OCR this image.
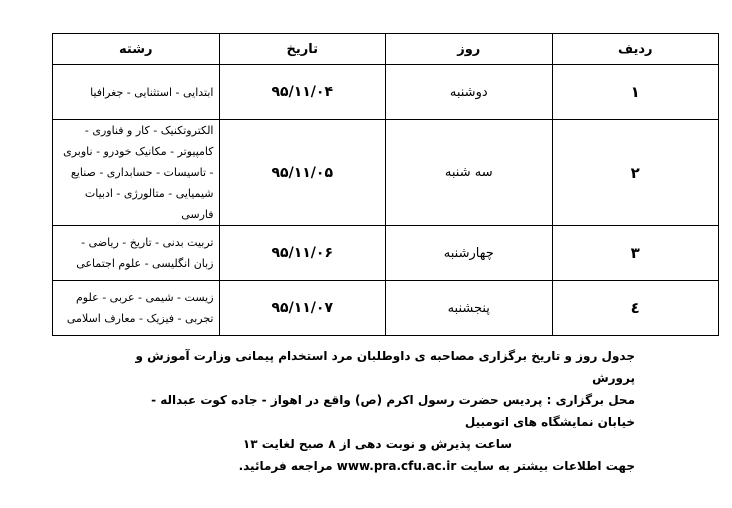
ردیف	روز	تاریخ	رشته
۱	دوشنبه	۹۵/۱۱/۰۴	ابتدایی - استثنایی - جغرافیا
۲	سه شنبه	۹۵/۱۱/۰۵	الکتروتکنیک - کار و فناوری - کامپیوتر - مکانیک خودرو - ناوبری - تاسیسات - حسابداری - صنایع شیمیایی - متالورژی - ادبیات فارسی
۳	چهارشنبه	۹۵/۱۱/۰۶	تربیت بدنی - تاریخ - ریاضی - زبان انگلیسی - علوم اجتماعی
٤	پنجشنبه	۹۵/۱۱/۰۷	زیست - شیمی - عربی - علوم تجربی - فیزیک - معارف اسلامی

جدول روز و تاریخ برگزاری مصاحبه ی داوطلبان مرد استخدام پیمانی وزارت آموزش و پرورش

محل برگزاری : پردیس حضرت رسول اکرم (ص) واقع در اهواز - جاده کوت عبداله - خیابان نمایشگاه های اتومبیل

ساعت پذیرش و نوبت دهی از ۸ صبح لغایت ۱۳

جهت اطلاعات بیشتر به سایت www.pra.cfu.ac.ir مراجعه فرمائید.
